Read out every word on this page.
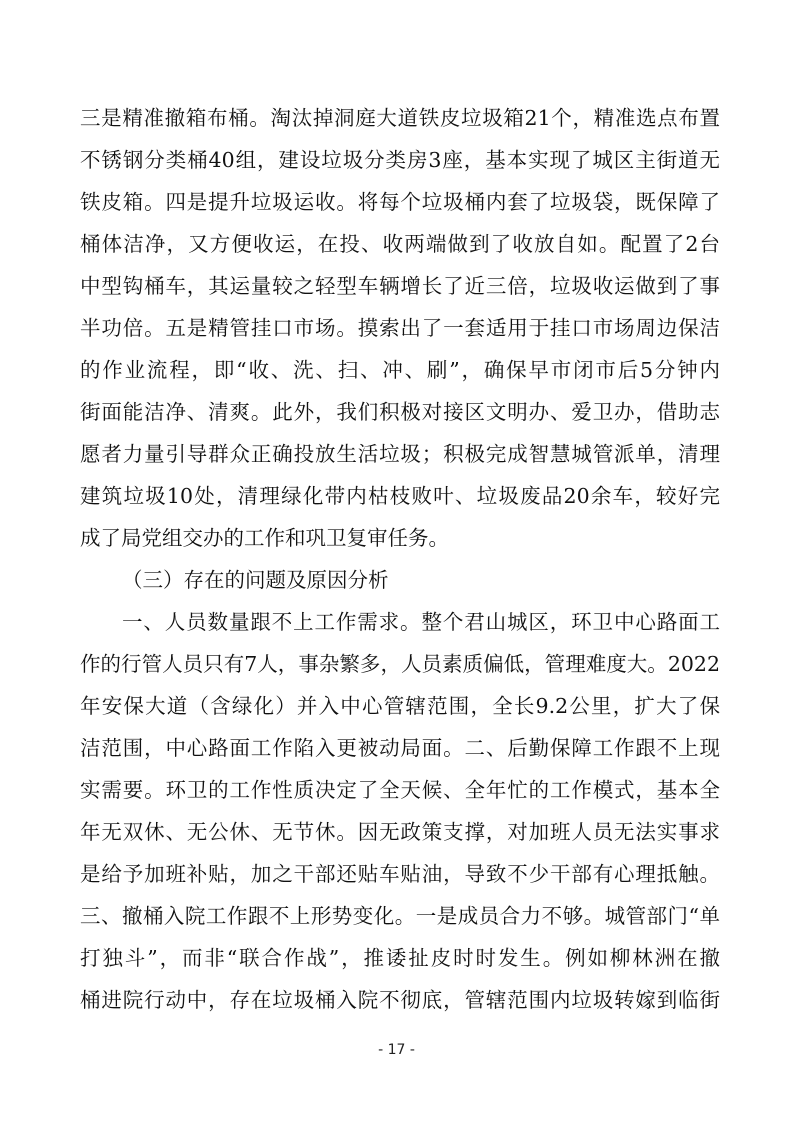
三是精准撤箱布桶。淘汰掉洞庭大道铁皮垃圾箱21个，精准选点布置
不锈钢分类桶40组，建设垃圾分类房3座，基本实现了城区主街道无
铁皮箱。四是提升垃圾运收。将每个垃圾桶内套了垃圾袋，既保障了
桶体洁净，又方便收运，在投、收两端做到了收放自如。配置了2台
中型钩桶车，其运量较之轻型车辆增长了近三倍，垃圾收运做到了事
半功倍。五是精管挂口市场。摸索出了一套适用于挂口市场周边保洁
的作业流程，即“收、洗、扫、冲、刷”，确保早市闭市后5分钟内
街面能洁净、清爽。此外，我们积极对接区文明办、爱卫办，借助志
愿者力量引导群众正确投放生活垃圾；积极完成智慧城管派单，清理
建筑垃圾10处，清理绿化带内枯枝败叶、垃圾废品20余车，较好完
成了局党组交办的工作和巩卫复审任务。
（三）存在的问题及原因分析
一、人员数量跟不上工作需求。整个君山城区，环卫中心路面工
作的行管人员只有7人，事杂繁多，人员素质偏低，管理难度大。2022
年安保大道（含绿化）并入中心管辖范围，全长9.2公里，扩大了保
洁范围，中心路面工作陷入更被动局面。二、后勤保障工作跟不上现
实需要。环卫的工作性质决定了全天候、全年忙的工作模式，基本全
年无双休、无公休、无节休。因无政策支撑，对加班人员无法实事求
是给予加班补贴，加之干部还贴车贴油，导致不少干部有心理抵触。
三、撤桶入院工作跟不上形势变化。一是成员合力不够。城管部门“单
打独斗”，而非“联合作战”，推诿扯皮时时发生。例如柳林洲在撤
- 17 -
桶进院行动中，存在垃圾桶入院不彻底，管辖范围内垃圾转嫁到临街
